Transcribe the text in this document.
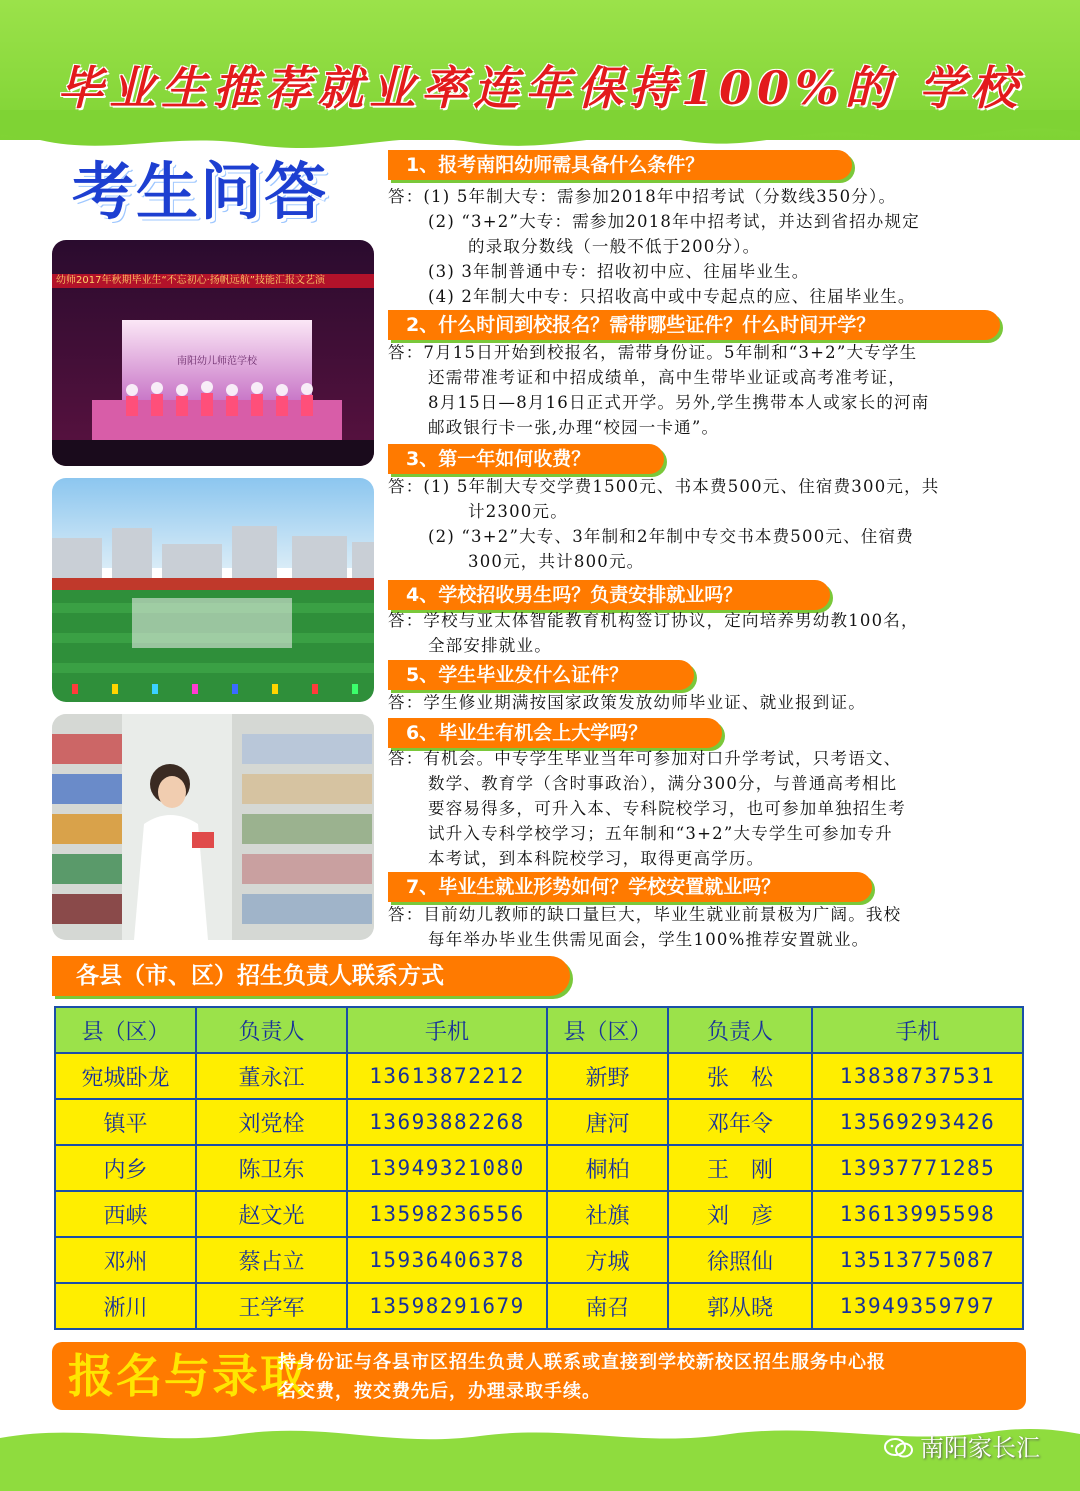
毕业生推荐就业率连年保持100%的 学校
考生问答
幼师2017年秋期毕业生“不忘初心·扬帆远航”技能汇报文艺演
南阳幼儿师范学校
1、报考南阳幼师需具备什么条件？
答：(1) 5年制大专：需参加2018年中招考试（分数线350分）。
(2) “3+2”大专：需参加2018年中招考试，并达到省招办规定
的录取分数线（一般不低于200分）。
(3) 3年制普通中专：招收初中应、往届毕业生。
(4) 2年制大中专：只招收高中或中专起点的应、往届毕业生。
2、什么时间到校报名？需带哪些证件？什么时间开学？
答：7月15日开始到校报名，需带身份证。5年制和“3+2”大专学生
还需带准考证和中招成绩单，高中生带毕业证或高考准考证，
8月15日—8月16日正式开学。另外,学生携带本人或家长的河南
邮政银行卡一张,办理“校园一卡通”。
3、第一年如何收费？
答：(1) 5年制大专交学费1500元、书本费500元、住宿费300元，共
计2300元。
(2) “3+2”大专、3年制和2年制中专交书本费500元、住宿费
300元，共计800元。
4、学校招收男生吗？负责安排就业吗？
答：学校与亚太体智能教育机构签订协议，定向培养男幼教100名，
全部安排就业。
5、学生毕业发什么证件？
答：学生修业期满按国家政策发放幼师毕业证、就业报到证。
6、毕业生有机会上大学吗？
答：有机会。中专学生毕业当年可参加对口升学考试，只考语文、
数学、教育学（含时事政治），满分300分，与普通高考相比
要容易得多，可升入本、专科院校学习，也可参加单独招生考
试升入专科学校学习；五年制和“3+2”大专学生可参加专升
本考试，到本科院校学习，取得更高学历。
7、毕业生就业形势如何？学校安置就业吗？
答：目前幼儿教师的缺口量巨大，毕业生就业前景极为广阔。我校
每年举办毕业生供需见面会，学生100%推荐安置就业。
各县（市、区）招生负责人联系方式
县（区）	负责人	手机	县（区）	负责人	手机
宛城卧龙	董永江	13613872212	新野	张　松	13838737531
镇平	刘党栓	13693882268	唐河	邓年令	13569293426
内乡	陈卫东	13949321080	桐柏	王　刚	13937771285
西峡	赵文光	13598236556	社旗	刘　彦	13613995598
邓州	蔡占立	15936406378	方城	徐照仙	13513775087
淅川	王学军	13598291679	南召	郭从晓	13949359797
报名与录取
持身份证与各县市区招生负责人联系或直接到学校新校区招生服务中心报
名交费，按交费先后，办理录取手续。
南阳家长汇
